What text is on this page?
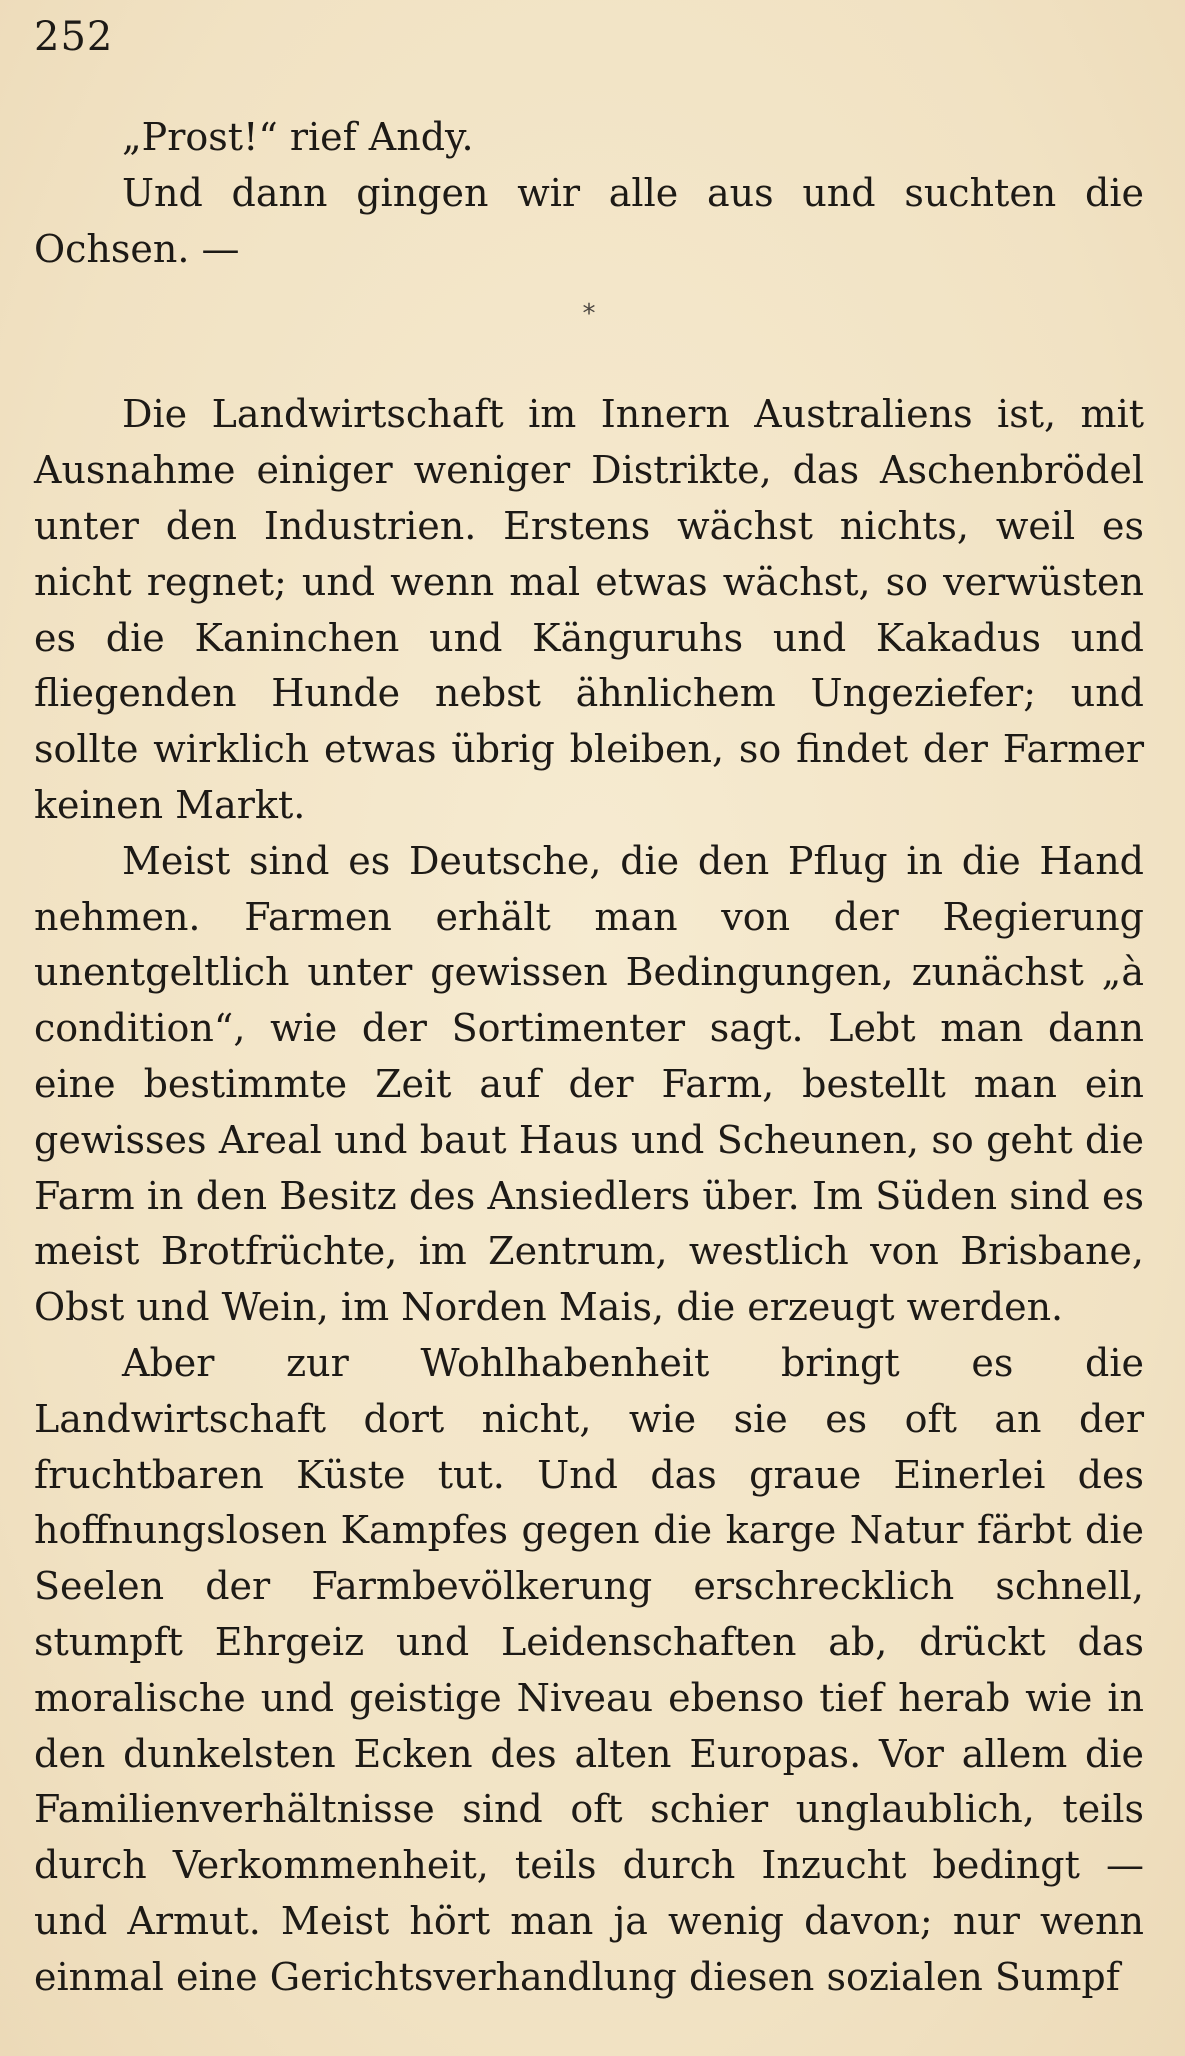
252

„Prost!“ rief Andy.

Und dann gingen wir alle aus und suchten die Ochsen. —

*

Die Landwirtschaft im Innern Australiens ist, mit Ausnahme einiger weniger Distrikte, das Aschenbrödel unter den Industrien. Erstens wächst nichts, weil es nicht regnet; und wenn mal etwas wächst, so verwüsten es die Kaninchen und Känguruhs und Kakadus und fliegenden Hunde nebst ähnlichem Ungeziefer; und sollte wirklich etwas übrig bleiben, so findet der Farmer keinen Markt.

Meist sind es Deutsche, die den Pflug in die Hand nehmen. Farmen erhält man von der Regierung unentgeltlich unter gewissen Bedingungen, zunächst „à condition“, wie der Sortimenter sagt. Lebt man dann eine bestimmte Zeit auf der Farm, bestellt man ein gewisses Areal und baut Haus und Scheunen, so geht die Farm in den Besitz des Ansiedlers über. Im Süden sind es meist Brotfrüchte, im Zentrum, westlich von Brisbane, Obst und Wein, im Norden Mais, die erzeugt werden.

Aber zur Wohlhabenheit bringt es die Landwirtschaft dort nicht, wie sie es oft an der fruchtbaren Küste tut. Und das graue Einerlei des hoffnungslosen Kampfes gegen die karge Natur färbt die Seelen der Farmbevölkerung erschrecklich schnell, stumpft Ehrgeiz und Leidenschaften ab, drückt das moralische und geistige Niveau ebenso tief herab wie in den dunkelsten Ecken des alten Europas. Vor allem die Familienverhältnisse sind oft schier unglaublich, teils durch Verkommenheit, teils durch Inzucht bedingt — und Armut. Meist hört man ja wenig davon; nur wenn einmal eine Gerichtsverhandlung diesen sozialen Sumpf
